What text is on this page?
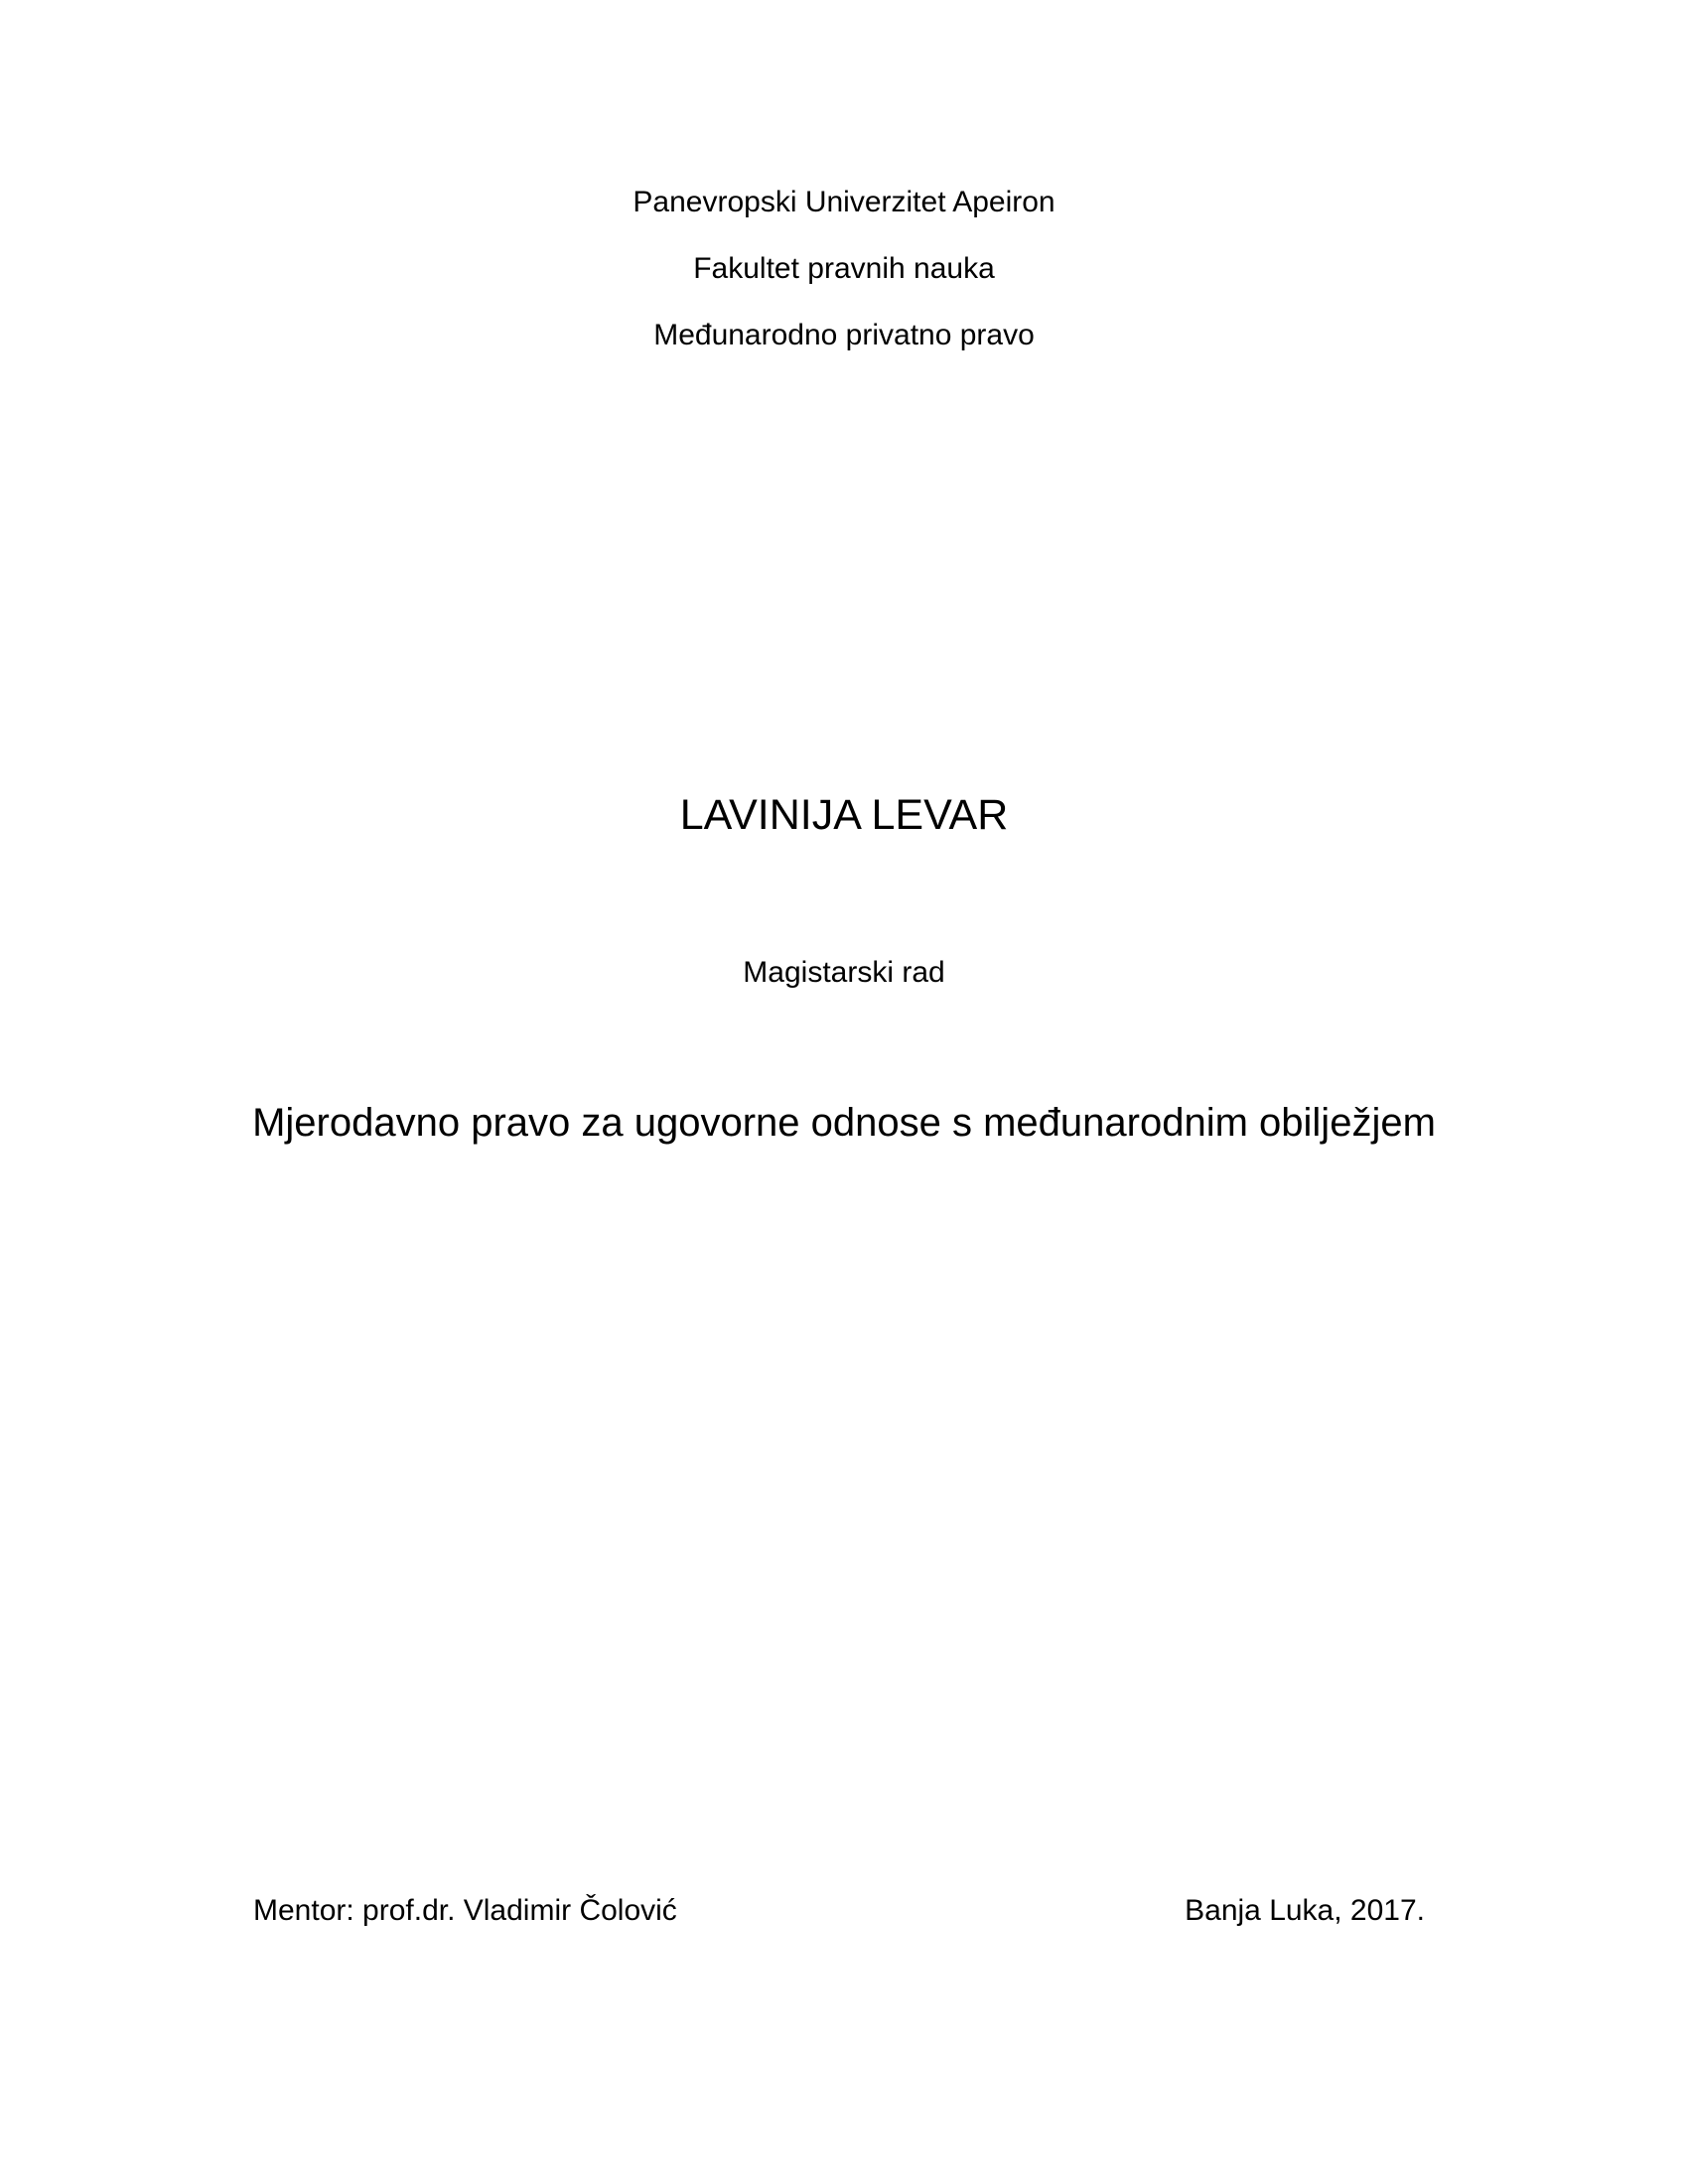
Panevropski Univerzitet Apeiron
Fakultet pravnih nauka
Međunarodno privatno pravo
LAVINIJA LEVAR
Magistarski rad
Mjerodavno pravo za ugovorne odnose s međunarodnim obilježjem
Mentor: prof.dr. Vladimir Čolović	Banja Luka, 2017.
